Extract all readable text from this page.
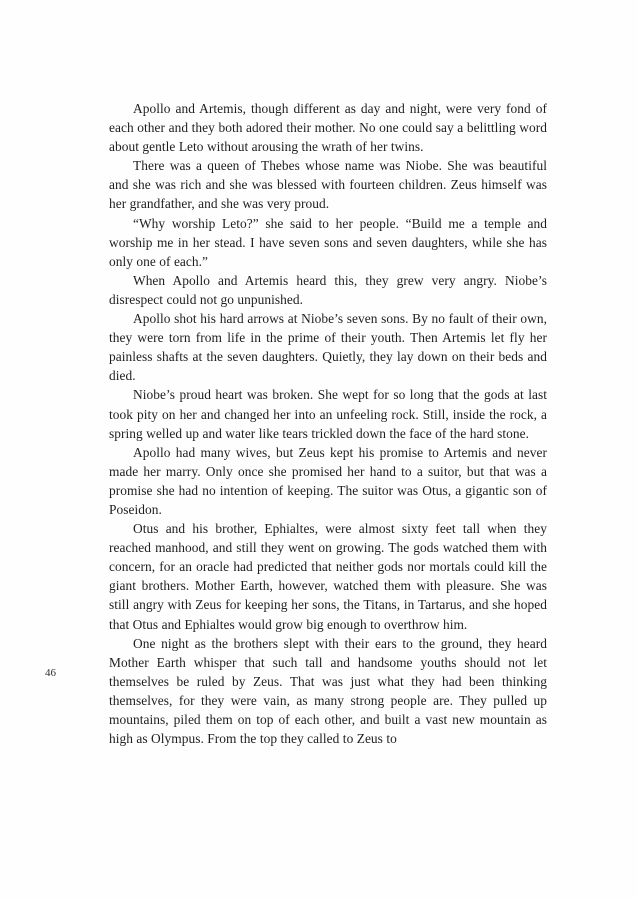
Apollo and Artemis, though different as day and night, were very fond of each other and they both adored their mother. No one could say a belittling word about gentle Leto without arousing the wrath of her twins.

There was a queen of Thebes whose name was Niobe. She was beautiful and she was rich and she was blessed with fourteen children. Zeus himself was her grandfather, and she was very proud.

“Why worship Leto?” she said to her people. “Build me a temple and worship me in her stead. I have seven sons and seven daughters, while she has only one of each.”

When Apollo and Artemis heard this, they grew very angry. Niobe’s disrespect could not go unpunished.

Apollo shot his hard arrows at Niobe’s seven sons. By no fault of their own, they were torn from life in the prime of their youth. Then Artemis let fly her painless shafts at the seven daughters. Quietly, they lay down on their beds and died.

Niobe’s proud heart was broken. She wept for so long that the gods at last took pity on her and changed her into an unfeeling rock. Still, inside the rock, a spring welled up and water like tears trickled down the face of the hard stone.

Apollo had many wives, but Zeus kept his promise to Artemis and never made her marry. Only once she promised her hand to a suitor, but that was a promise she had no intention of keeping. The suitor was Otus, a gigantic son of Poseidon.

Otus and his brother, Ephialtes, were almost sixty feet tall when they reached manhood, and still they went on growing. The gods watched them with concern, for an oracle had predicted that neither gods nor mortals could kill the giant brothers. Mother Earth, however, watched them with pleasure. She was still angry with Zeus for keeping her sons, the Titans, in Tartarus, and she hoped that Otus and Ephialtes would grow big enough to overthrow him.

One night as the brothers slept with their ears to the ground, they heard Mother Earth whisper that such tall and handsome youths should not let themselves be ruled by Zeus. That was just what they had been thinking themselves, for they were vain, as many strong people are. They pulled up mountains, piled them on top of each other, and built a vast new mountain as high as Olympus. From the top they called to Zeus to

46
